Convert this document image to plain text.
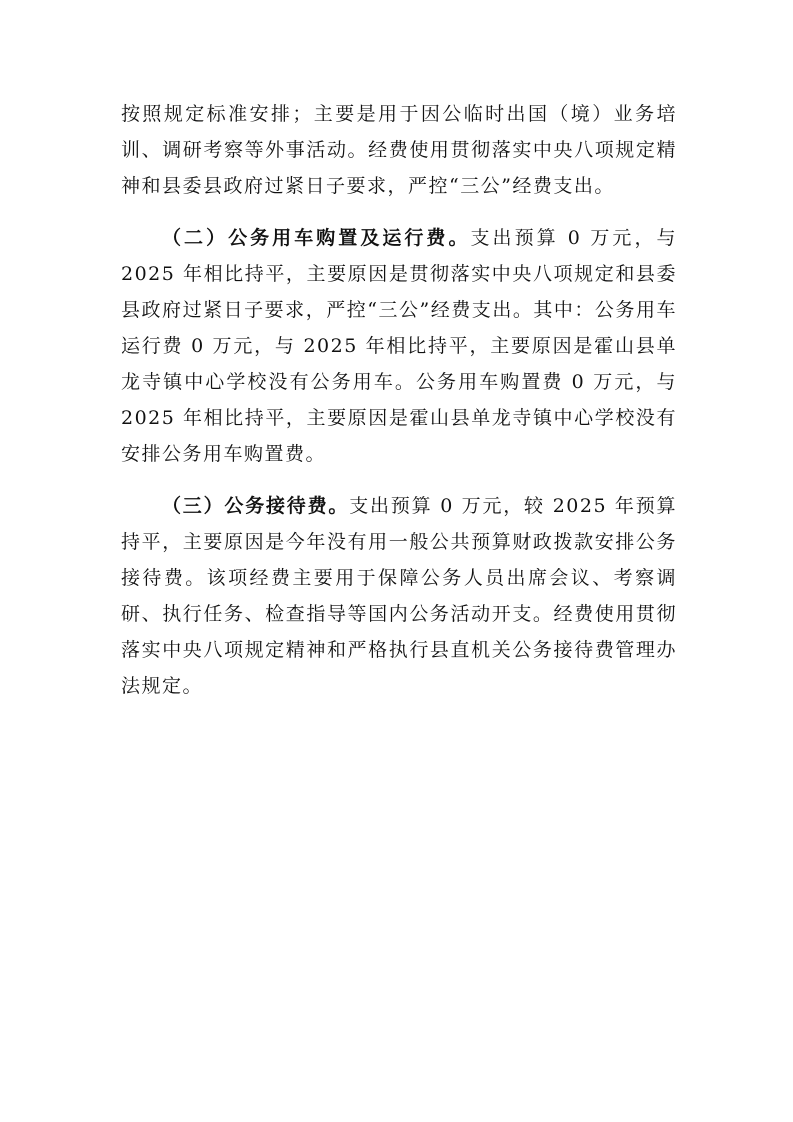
按照规定标准安排；主要是用于因公临时出国（境）业务培训、调研考察等外事活动。经费使用贯彻落实中央八项规定精神和县委县政府过紧日子要求，严控“三公”经费支出。

（二）公务用车购置及运行费。支出预算 0 万元，与 2025 年相比持平，主要原因是贯彻落实中央八项规定和县委县政府过紧日子要求，严控“三公”经费支出。其中：公务用车运行费 0 万元，与 2025 年相比持平，主要原因是霍山县单龙寺镇中心学校没有公务用车。公务用车购置费 0 万元，与 2025 年相比持平，主要原因是霍山县单龙寺镇中心学校没有安排公务用车购置费。

（三）公务接待费。支出预算 0 万元，较 2025 年预算持平，主要原因是今年没有用一般公共预算财政拨款安排公务接待费。该项经费主要用于保障公务人员出席会议、考察调研、执行任务、检查指导等国内公务活动开支。经费使用贯彻落实中央八项规定精神和严格执行县直机关公务接待费管理办法规定。
